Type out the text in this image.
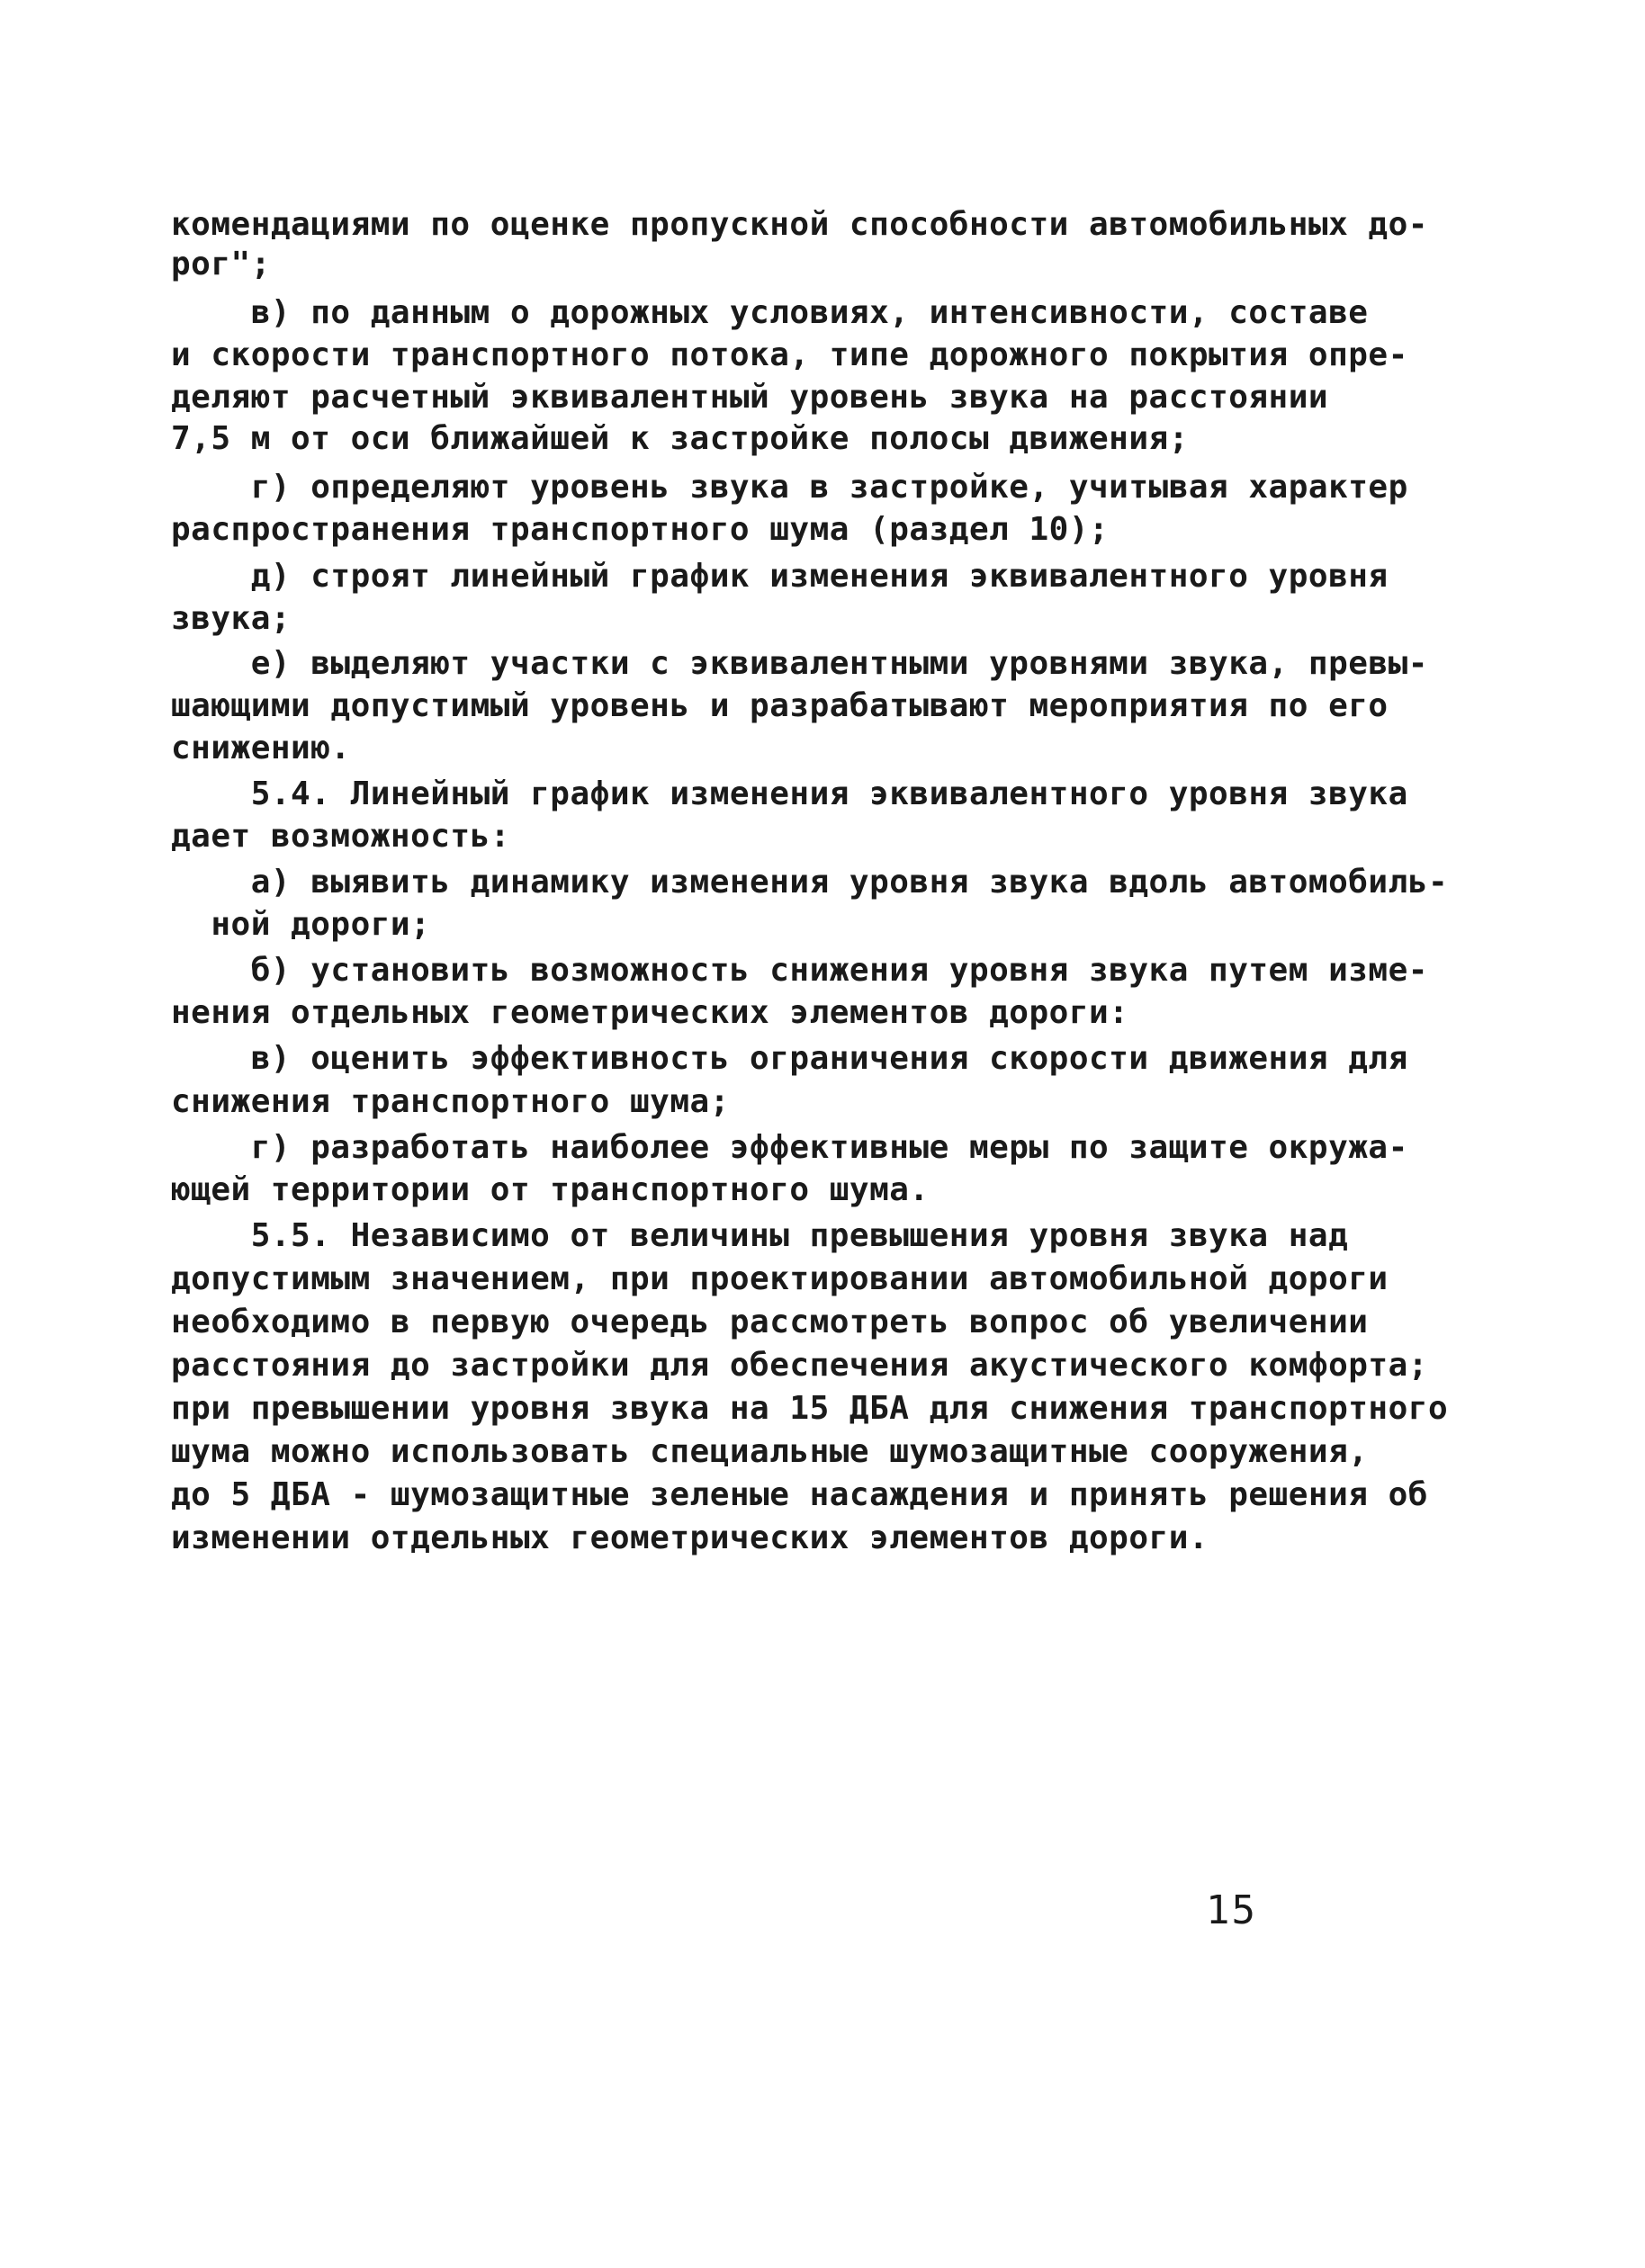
комендациями по оценке пропускной способности автомобильных до-

рог";

в) по данным о дорожных условиях, интенсивности, составе

и скорости транспортного потока, типе дорожного покрытия опре-

деляют расчетный эквивалентный уровень звука на расстоянии

7,5 м от оси ближайшей к застройке полосы движения;

г) определяют уровень звука в застройке, учитывая характер

распространения транспортного шума (раздел 10);

д) строят линейный график изменения эквивалентного уровня

звука;

е) выделяют участки с эквивалентными уровнями звука, превы-

шающими допустимый уровень и разрабатывают мероприятия по его

снижению.

5.4. Линейный график изменения эквивалентного уровня звука

дает возможность:

а) выявить динамику изменения уровня звука вдоль автомобиль-

ной дороги;

б) установить возможность снижения уровня звука путем изме-

нения отдельных геометрических элементов дороги:

в) оценить эффективность ограничения скорости движения для

снижения транспортного шума;

г) разработать наиболее эффективные меры по защите окружа-

ющей территории от транспортного шума.

5.5. Независимо от величины превышения уровня звука над

допустимым значением, при проектировании автомобильной дороги

необходимо в первую очередь рассмотреть вопрос об увеличении

расстояния до застройки для обеспечения акустического комфорта;

при превышении уровня звука на 15 ДБА для снижения транспортного

шума можно использовать специальные шумозащитные сооружения,

до 5 ДБА - шумозащитные зеленые насаждения и принять решения об

изменении отдельных геометрических элементов дороги.

15
